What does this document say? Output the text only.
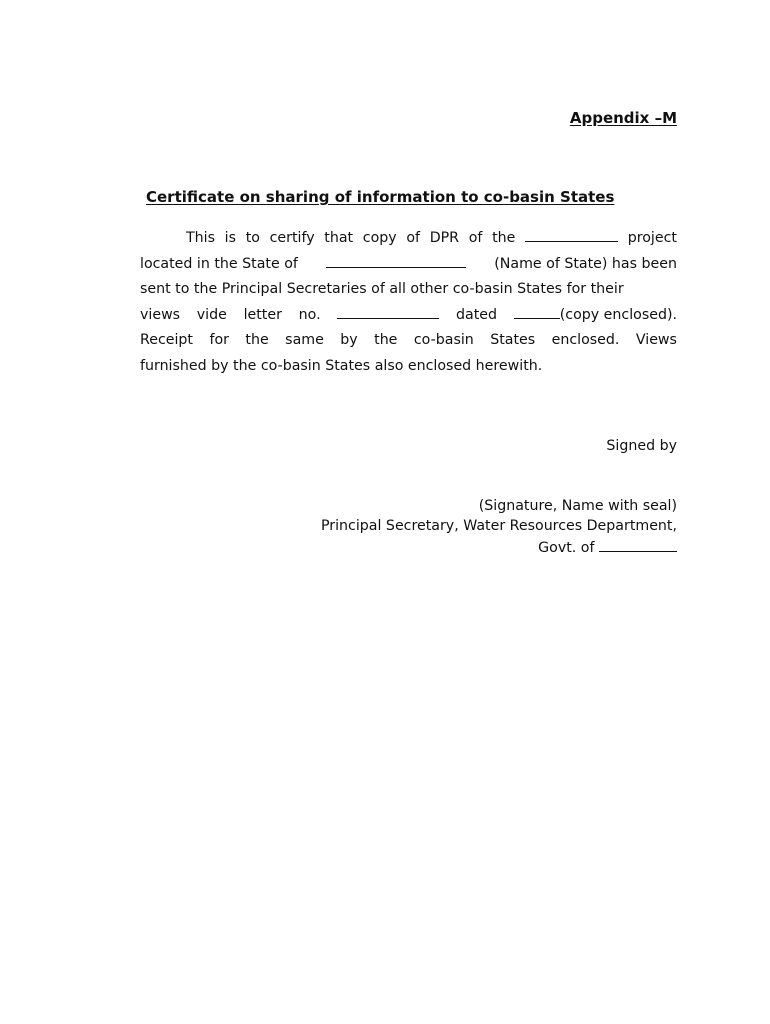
Appendix –M
Certificate on sharing of information to co-basin States
This is to certify that copy of DPR of the	project
located in the State of	(Name of State) has been
sent to the Principal Secretaries of all other co-basin States for their
views vide letter no.	dated	(copy enclosed).
Receipt for the same by the co-basin States enclosed. Views
furnished by the co-basin States also enclosed herewith.
Signed by
(Signature, Name with seal)
Principal Secretary, Water Resources Department,
Govt. of
